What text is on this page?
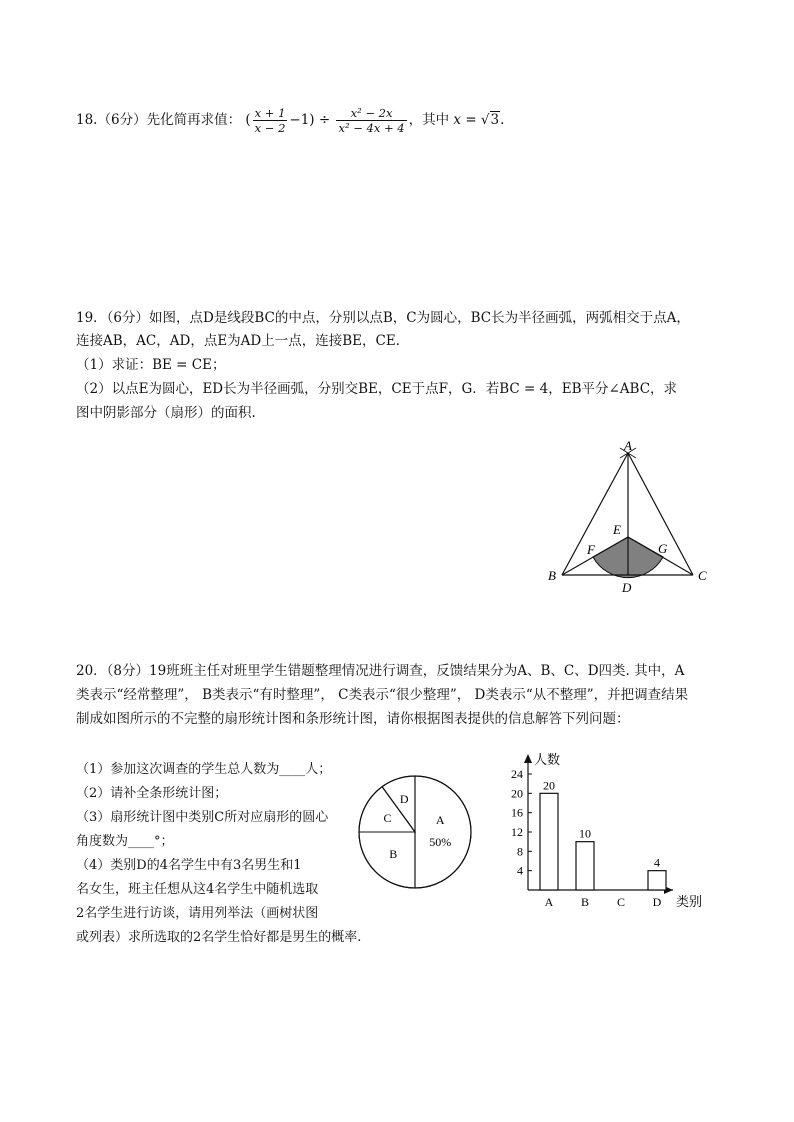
18.（6分）先化简再求值： ( $\frac{x + 1}{x - 2} -1) \div \frac{\text{x² − 2x}}{\text{x² − 4x + 4}}$ ，其中 x = √3.
19．（6分）如图，点D是线段BC的中点，分别以点B，C为圆心，BC长为半径画弧，两弧相交于点A，
连接AB，AC，AD，点E为AD上一点，连接BE，CE．
（1）求证：BE = CE；
（2）以点E为圆心，ED长为半径画弧，分别交BE，CE于点F，G．若BC = 4，EB平分∠ABC，求
图中阴影部分（扇形）的面积.
A
B	C
D
E
F	G
20．（8分）19班班主任对班里学生错题整理情况进行调查，反馈结果分为A、B、C、D四类. 其中，A
类表示“经常整理”， B类表示“有时整理”， C类表示“很少整理”， D类表示“从不整理”，并把调查结果
制成如图所示的不完整的扇形统计图和条形统计图，请你根据图表提供的信息解答下列问题：
（1）参加这次调查的学生总人数为____人；
（2）请补全条形统计图；
（3）扇形统计图中类别C所对应扇形的圆心
角度数为____°；
（4）类别D的4名学生中有3名男生和1
名女生，班主任想从这4名学生中随机选取
2名学生进行访谈，请用列举法（画树状图
或列表）求所选取的2名学生恰好都是男生的概率.
A
50%
B
C
D
人数
类别
4
8
12
16
20
24
20
A
10
B C
4
D
